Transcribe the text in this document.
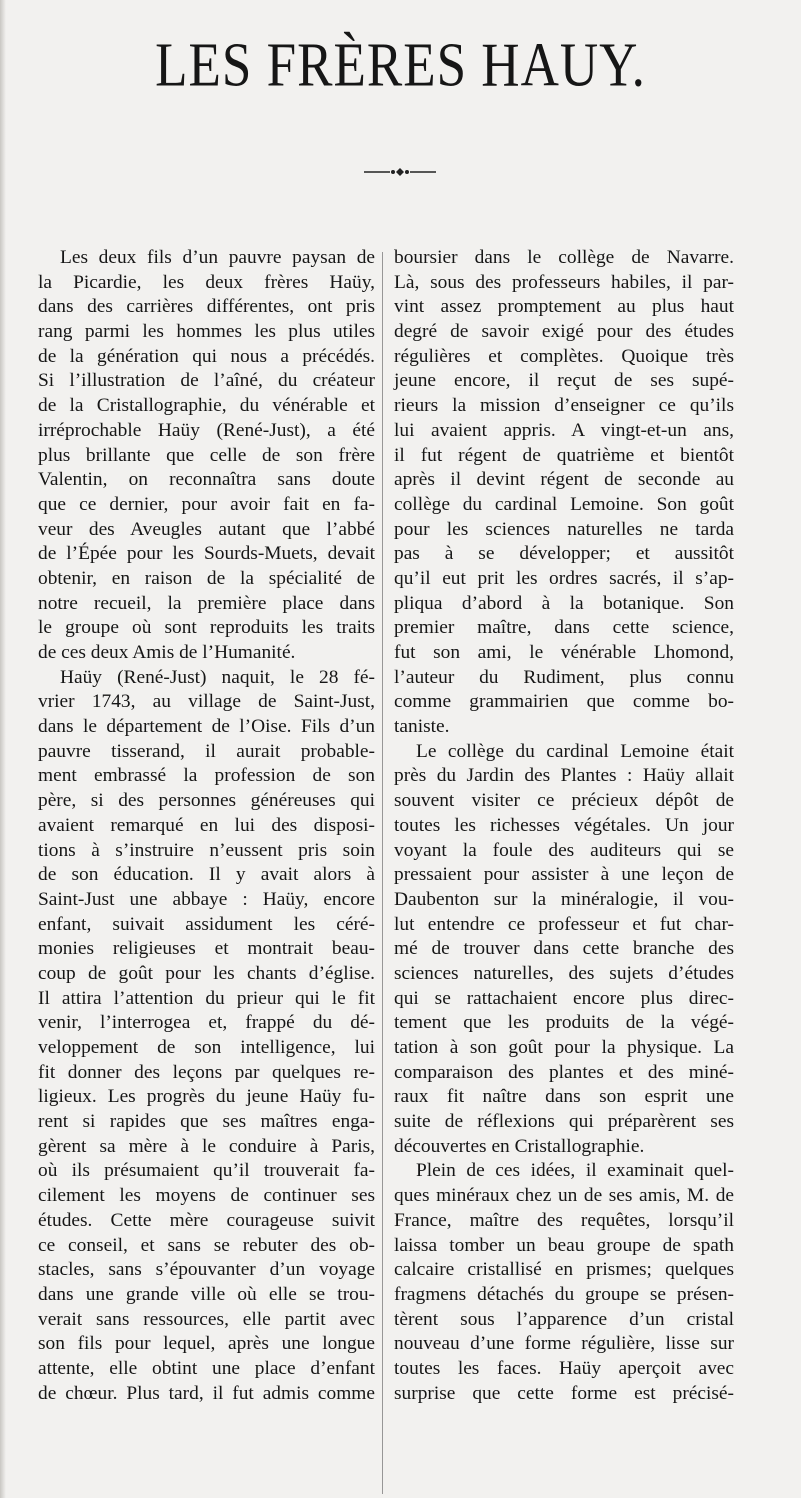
LES FRÈRES HAUY.
Les deux fils d’un pauvre paysan de
la Picardie, les deux frères Haüy,
dans des carrières différentes, ont pris
rang parmi les hommes les plus utiles
de la génération qui nous a précédés.
Si l’illustration de l’aîné, du créateur
de la Cristallographie, du vénérable et
irréprochable Haüy (René-Just), a été
plus brillante que celle de son frère
Valentin, on reconnaîtra sans doute
que ce dernier, pour avoir fait en fa-
veur des Aveugles autant que l’abbé
de l’Épée pour les Sourds-Muets, devait
obtenir, en raison de la spécialité de
notre recueil, la première place dans
le groupe où sont reproduits les traits
de ces deux Amis de l’Humanité.
Haüy (René-Just) naquit, le 28 fé-
vrier 1743, au village de Saint-Just,
dans le département de l’Oise. Fils d’un
pauvre tisserand, il aurait probable-
ment embrassé la profession de son
père, si des personnes généreuses qui
avaient remarqué en lui des disposi-
tions à s’instruire n’eussent pris soin
de son éducation. Il y avait alors à
Saint-Just une abbaye : Haüy, encore
enfant, suivait assidument les céré-
monies religieuses et montrait beau-
coup de goût pour les chants d’église.
Il attira l’attention du prieur qui le fit
venir, l’interrogea et, frappé du dé-
veloppement de son intelligence, lui
fit donner des leçons par quelques re-
ligieux. Les progrès du jeune Haüy fu-
rent si rapides que ses maîtres enga-
gèrent sa mère à le conduire à Paris,
où ils présumaient qu’il trouverait fa-
cilement les moyens de continuer ses
études. Cette mère courageuse suivit
ce conseil, et sans se rebuter des ob-
stacles, sans s’épouvanter d’un voyage
dans une grande ville où elle se trou-
verait sans ressources, elle partit avec
son fils pour lequel, après une longue
attente, elle obtint une place d’enfant
de chœur. Plus tard, il fut admis comme
boursier dans le collège de Navarre.
Là, sous des professeurs habiles, il par-
vint assez promptement au plus haut
degré de savoir exigé pour des études
régulières et complètes. Quoique très
jeune encore, il reçut de ses supé-
rieurs la mission d’enseigner ce qu’ils
lui avaient appris. A vingt-et-un ans,
il fut régent de quatrième et bientôt
après il devint régent de seconde au
collège du cardinal Lemoine. Son goût
pour les sciences naturelles ne tarda
pas à se développer; et aussitôt
qu’il eut prit les ordres sacrés, il s’ap-
pliqua d’abord à la botanique. Son
premier maître, dans cette science,
fut son ami, le vénérable Lhomond,
l’auteur du Rudiment, plus connu
comme grammairien que comme bo-
taniste.
Le collège du cardinal Lemoine était
près du Jardin des Plantes : Haüy allait
souvent visiter ce précieux dépôt de
toutes les richesses végétales. Un jour
voyant la foule des auditeurs qui se
pressaient pour assister à une leçon de
Daubenton sur la minéralogie, il vou-
lut entendre ce professeur et fut char-
mé de trouver dans cette branche des
sciences naturelles, des sujets d’études
qui se rattachaient encore plus direc-
tement que les produits de la végé-
tation à son goût pour la physique. La
comparaison des plantes et des miné-
raux fit naître dans son esprit une
suite de réflexions qui préparèrent ses
découvertes en Cristallographie.
Plein de ces idées, il examinait quel-
ques minéraux chez un de ses amis, M. de
France, maître des requêtes, lorsqu’il
laissa tomber un beau groupe de spath
calcaire cristallisé en prismes; quelques
fragmens détachés du groupe se présen-
tèrent sous l’apparence d’un cristal
nouveau d’une forme régulière, lisse sur
toutes les faces. Haüy aperçoit avec
surprise que cette forme est précisé-
